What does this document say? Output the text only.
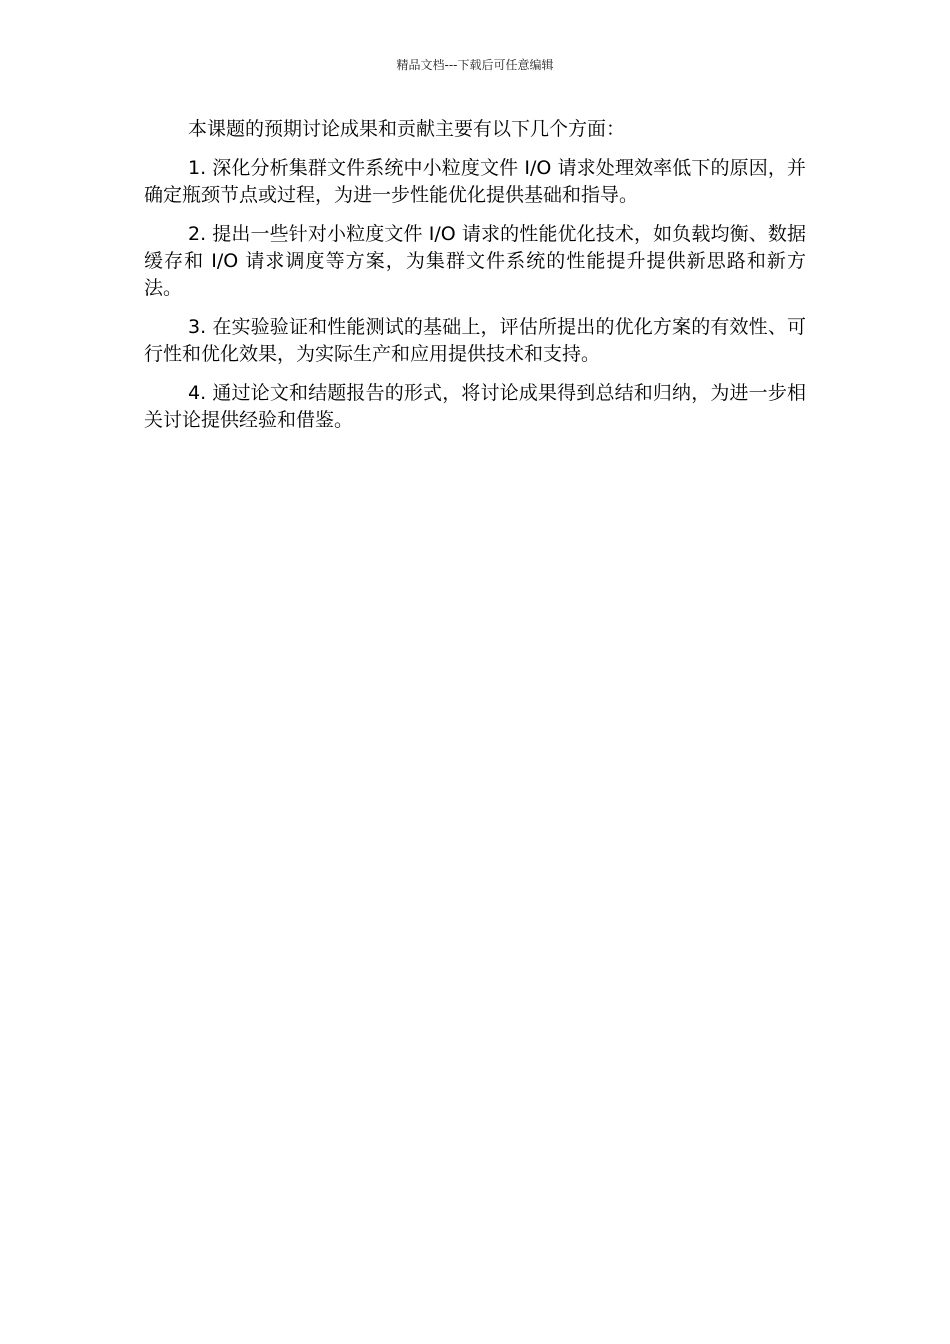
精品文档---下载后可任意编辑

本课题的预期讨论成果和贡献主要有以下几个方面：

1. 深化分析集群文件系统中小粒度文件 I/O 请求处理效率低下的原因，并确定瓶颈节点或过程，为进一步性能优化提供基础和指导。

2. 提出一些针对小粒度文件 I/O 请求的性能优化技术，如负载均衡、数据缓存和 I/O 请求调度等方案，为集群文件系统的性能提升提供新思路和新方法。

3. 在实验验证和性能测试的基础上，评估所提出的优化方案的有效性、可行性和优化效果，为实际生产和应用提供技术和支持。

4. 通过论文和结题报告的形式，将讨论成果得到总结和归纳，为进一步相关讨论提供经验和借鉴。
